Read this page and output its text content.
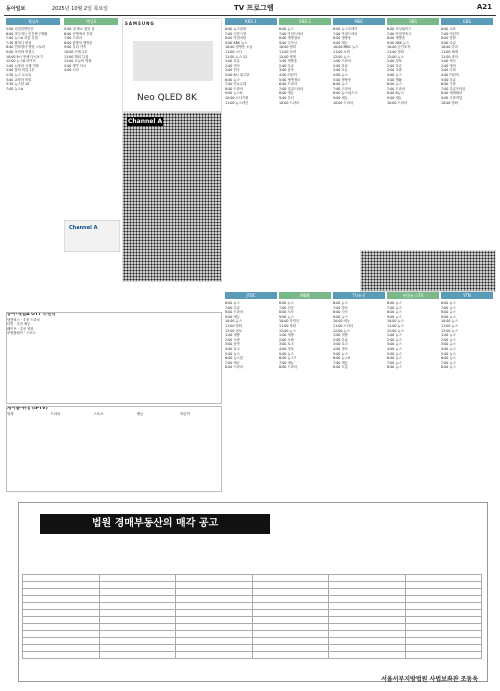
동아일보	2025년 10월 2일 목요일	TV 프로그램	A21
채널A
5:00 리얼한방앗간
6:00 먹고자는 인간탐구생활
7:00 뉴스A 서울 특집
7:30 할머니 탐험
8:00 천하장사 영양 스토리
9:00 모아파 연결극
10:00 9시 연예 다시보기
12:00 뉴스A 라이브
1:00 시장의 국제 저장
2:00 몸의 비밀 1부
2:30 뉴스 토요일
3:00 교양의 비밀
3:30 뉴스탑 10
7:00 뉴스A
채널S
5:00 내 바로 옆의 꿈
6:00 인생에서 후회
7:00 드라마
8:00 한방의 생방송
9:00 우리 가족
10:00 인생 1부
11:00 해외 특집
12:00 오늘의 영화
2:00 명작 다시
4:00 시사
Channel A
SAMSUNG
Neo QLED 8K
Channel A
KBS 1
6:00 뉴스광장
7:00 인간극장
8:00 아침마당
9:00 KBS 뉴스
10:00 생방송 오늘
11:00 시사
12:00 뉴스 12
1:00 다큐
2:00 역사
3:00 전국
5:00 6시 내고향
6:00 뉴스
7:00 가요무대
8:00 드라마
9:00 뉴스9
10:00 시사기획
11:00 뉴스라인
KBS 2
6:00 뉴스
7:00 아침드라마
8:00 생생정보
9:00 굿모닝
10:00 영화
11:00 오락
12:00 생생
1:00 재방송
2:00 다큐
3:00 음악
4:00 어린이
5:00 생생정보
6:00 드라마
7:00 일일드라마
8:00 예능
9:00 특선
10:00 드라마
MBC
6:00 뉴스투데이
7:00 아침드라마
8:00 생방송
9:00 예능
10:00 MBC 뉴스
11:00 오락
12:00 뉴스
1:00 드라마
2:00 다큐
3:00 오늘
4:00 뉴스
5:00 생방송
6:00 뉴스
7:00 드라마
8:00 뉴스데스크
9:00 예능
10:00 드라마
SBS
6:00 모닝와이드
7:00 아침연속극
8:00 생방송
9:00 SBS 뉴스
10:00 순간포착
11:00 영화
12:00 뉴스
1:00 정보
2:00 다큐
3:00 오락
4:00 뉴스
5:00 생활
6:00 뉴스
7:00 드라마
8:00 8뉴스
9:00 예능
10:00 드라마
EBS
6:00 교육
7:00 어린이
8:00 만화
9:00 다큐
10:00 강의
11:00 세계
12:00 과학
1:00 역사
2:00 영어
3:00 수학
4:00 어린이
5:00 다큐
6:00 극장
7:00 다큐프라임
8:00 세계테마
9:00 극한직업
10:00 영화
JTBC
6:00 뉴스
7:00 다큐
8:00 드라마
9:00 예능
10:00 뉴스
11:00 영화
12:00 정보
1:00 재방
2:00 오락
3:00 음악
4:00 토크
5:00 뉴스
6:00 뉴스룸
7:00 예능
8:00 드라마
MBN
6:00 뉴스
7:00 건강
8:00 시사
9:00 뉴스
10:00 자연인
11:00 영화
12:00 뉴스
1:00 재방
2:00 오락
3:00 토크
4:00 정보
5:00 뉴스
6:00 뉴스7
7:00 예능
8:00 드라마
TV조선
6:00 뉴스
7:00 정보
8:00 시사
9:00 뉴스
10:00 예능
11:00 드라마
12:00 뉴스
1:00 재방
2:00 다큐
3:00 토크
4:00 정보
5:00 뉴스
6:00 뉴스9
7:00 예능
8:00 트롯
연합뉴스TV
6:00 뉴스
7:00 뉴스
8:00 뉴스
9:00 뉴스
10:00 뉴스
11:00 뉴스
12:00 뉴스
1:00 뉴스
2:00 뉴스
3:00 뉴스
4:00 뉴스
5:00 뉴스
6:00 뉴스
7:00 뉴스
8:00 뉴스
YTN
6:00 뉴스
7:00 뉴스
8:00 뉴스
9:00 뉴스
10:00 뉴스
11:00 뉴스
12:00 뉴스
1:00 뉴스
2:00 뉴스
3:00 뉴스
4:00 뉴스
5:00 뉴스
6:00 뉴스
7:00 뉴스
8:00 뉴스
동아·채널A OTT 추천작
넷플릭스 · 추천 드라마
티빙 · 추천 예능
웨이브 · 추천 영화
쿠팡플레이 · 스포츠
케이블·위성 (IPTV)
영화	드라마	스포츠	예능	어린이
법원 경매부동산의 매각 공고

서울서부지방법원 사법보좌관 조동욱
